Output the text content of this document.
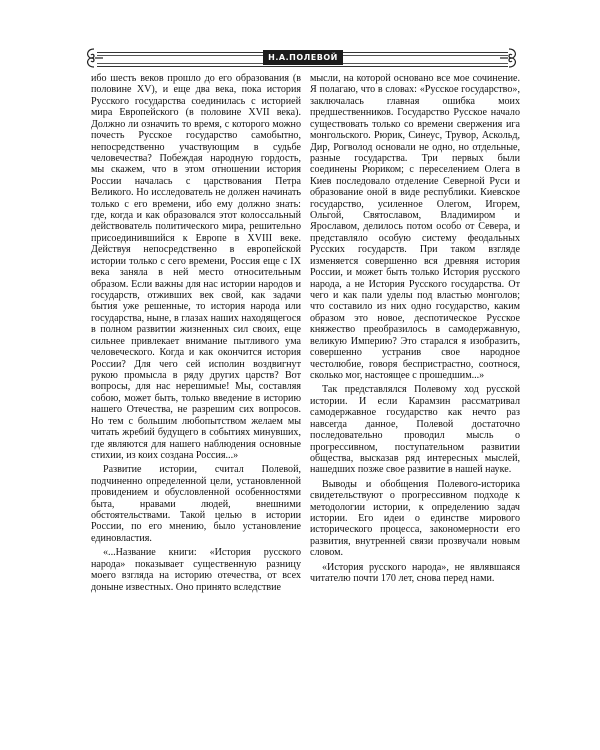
Н.А.ПОЛЕВОЙ

ибо шесть веков прошло до его образования (в половине XV), и еще два века, пока история Русского государства соединилась с историей мира Европейского (в половине XVII века). Должно ли означить то время, с которого можно почесть Русское государство самобытно, непосредственно участвующим в судьбе человечества? Побеждая народную гордость, мы скажем, что в этом отношении история России началась с царствования Петра Великого. Но исследователь не должен начинать только с его времени, ибо ему должно знать: где, когда и как образовался этот колоссальный действователь политического мира, решительно присоединившийся к Европе в XVIII веке. Действуя непосредственно в европейской истории только с сего времени, Россия еще с IX века заняла в ней место относительным образом. Если важны для нас истории народов и государств, отживших век свой, как задачи бытия уже решенные, то история народа или государства, ныне, в глазах наших находящегося в полном развитии жизненных сил своих, еще сильнее привлекает внимание пытливого ума человеческого. Когда и как окончится история России? Для чего сей исполин воздвигнут рукою промысла в ряду других царств? Вот вопросы, для нас нерешимые! Мы, составляя собою, может быть, только введение в историю нашего Отечества, не разрешим сих вопросов. Но тем с большим любопытством желаем мы читать жребий будущего в событиях минувших, где являются для нашего наблюдения основные стихии, из коих создана Россия...»

Развитие истории, считал Полевой, подчиненно определенной цели, установленной провидением и обусловленной особенностями быта, нравами людей, внешними обстоятельствами. Такой целью в истории России, по его мнению, было установление единовластия.

«...Название книги: «История русского народа» показывает существенную разницу моего взгляда на историю отечества, от всех доныне известных. Оно принято вследствие

мысли, на которой основано все мое сочинение. Я полагаю, что в словах: «Русское государство», заключалась главная ошибка моих предшественников. Государство Русское начало существовать только со времени свержения ига монгольского. Рюрик, Синеус, Трувор, Аскольд, Дир, Рогволод основали не одно, но отдельные, разные государства. Три первых были соединены Рюриком; с переселением Олега в Киев последовало отделение Северной Руси и образование оной в виде республики. Киевское государство, усиленное Олегом, Игорем, Ольгой, Святославом, Владимиром и Ярославом, делилось потом особо от Севера, и представляло особую систему феодальных Русских государств. При таком взгляде изменяется совершенно вся древняя история России, и может быть только История русского народа, а не История Русского государства. От чего и как пали уделы под властью монголов; что составило из них одно государство, каким образом это новое, деспотическое Русское княжество преобразилось в самодержавную, великую Империю? Это старался я изобразить, совершенно устранив свое народное честолюбие, говоря беспристрастно, соотнося, сколько мог, настоящее с прошедшим...»

Так представлялся Полевому ход русской истории. И если Карамзин рассматривал самодержавное государство как нечто раз навсегда данное, Полевой достаточно последовательно проводил мысль о прогрессивном, поступательном развитии общества, высказав ряд интересных мыслей, нашедших позже свое развитие в нашей науке.

Выводы и обобщения Полевого-историка свидетельствуют о прогрессивном подходе к методологии истории, к определению задач истории. Его идеи о единстве мирового исторического процесса, закономерности его развития, внутренней связи прозвучали новым словом.

«История русского народа», не являвшаяся читателю почти 170 лет, снова перед нами.
